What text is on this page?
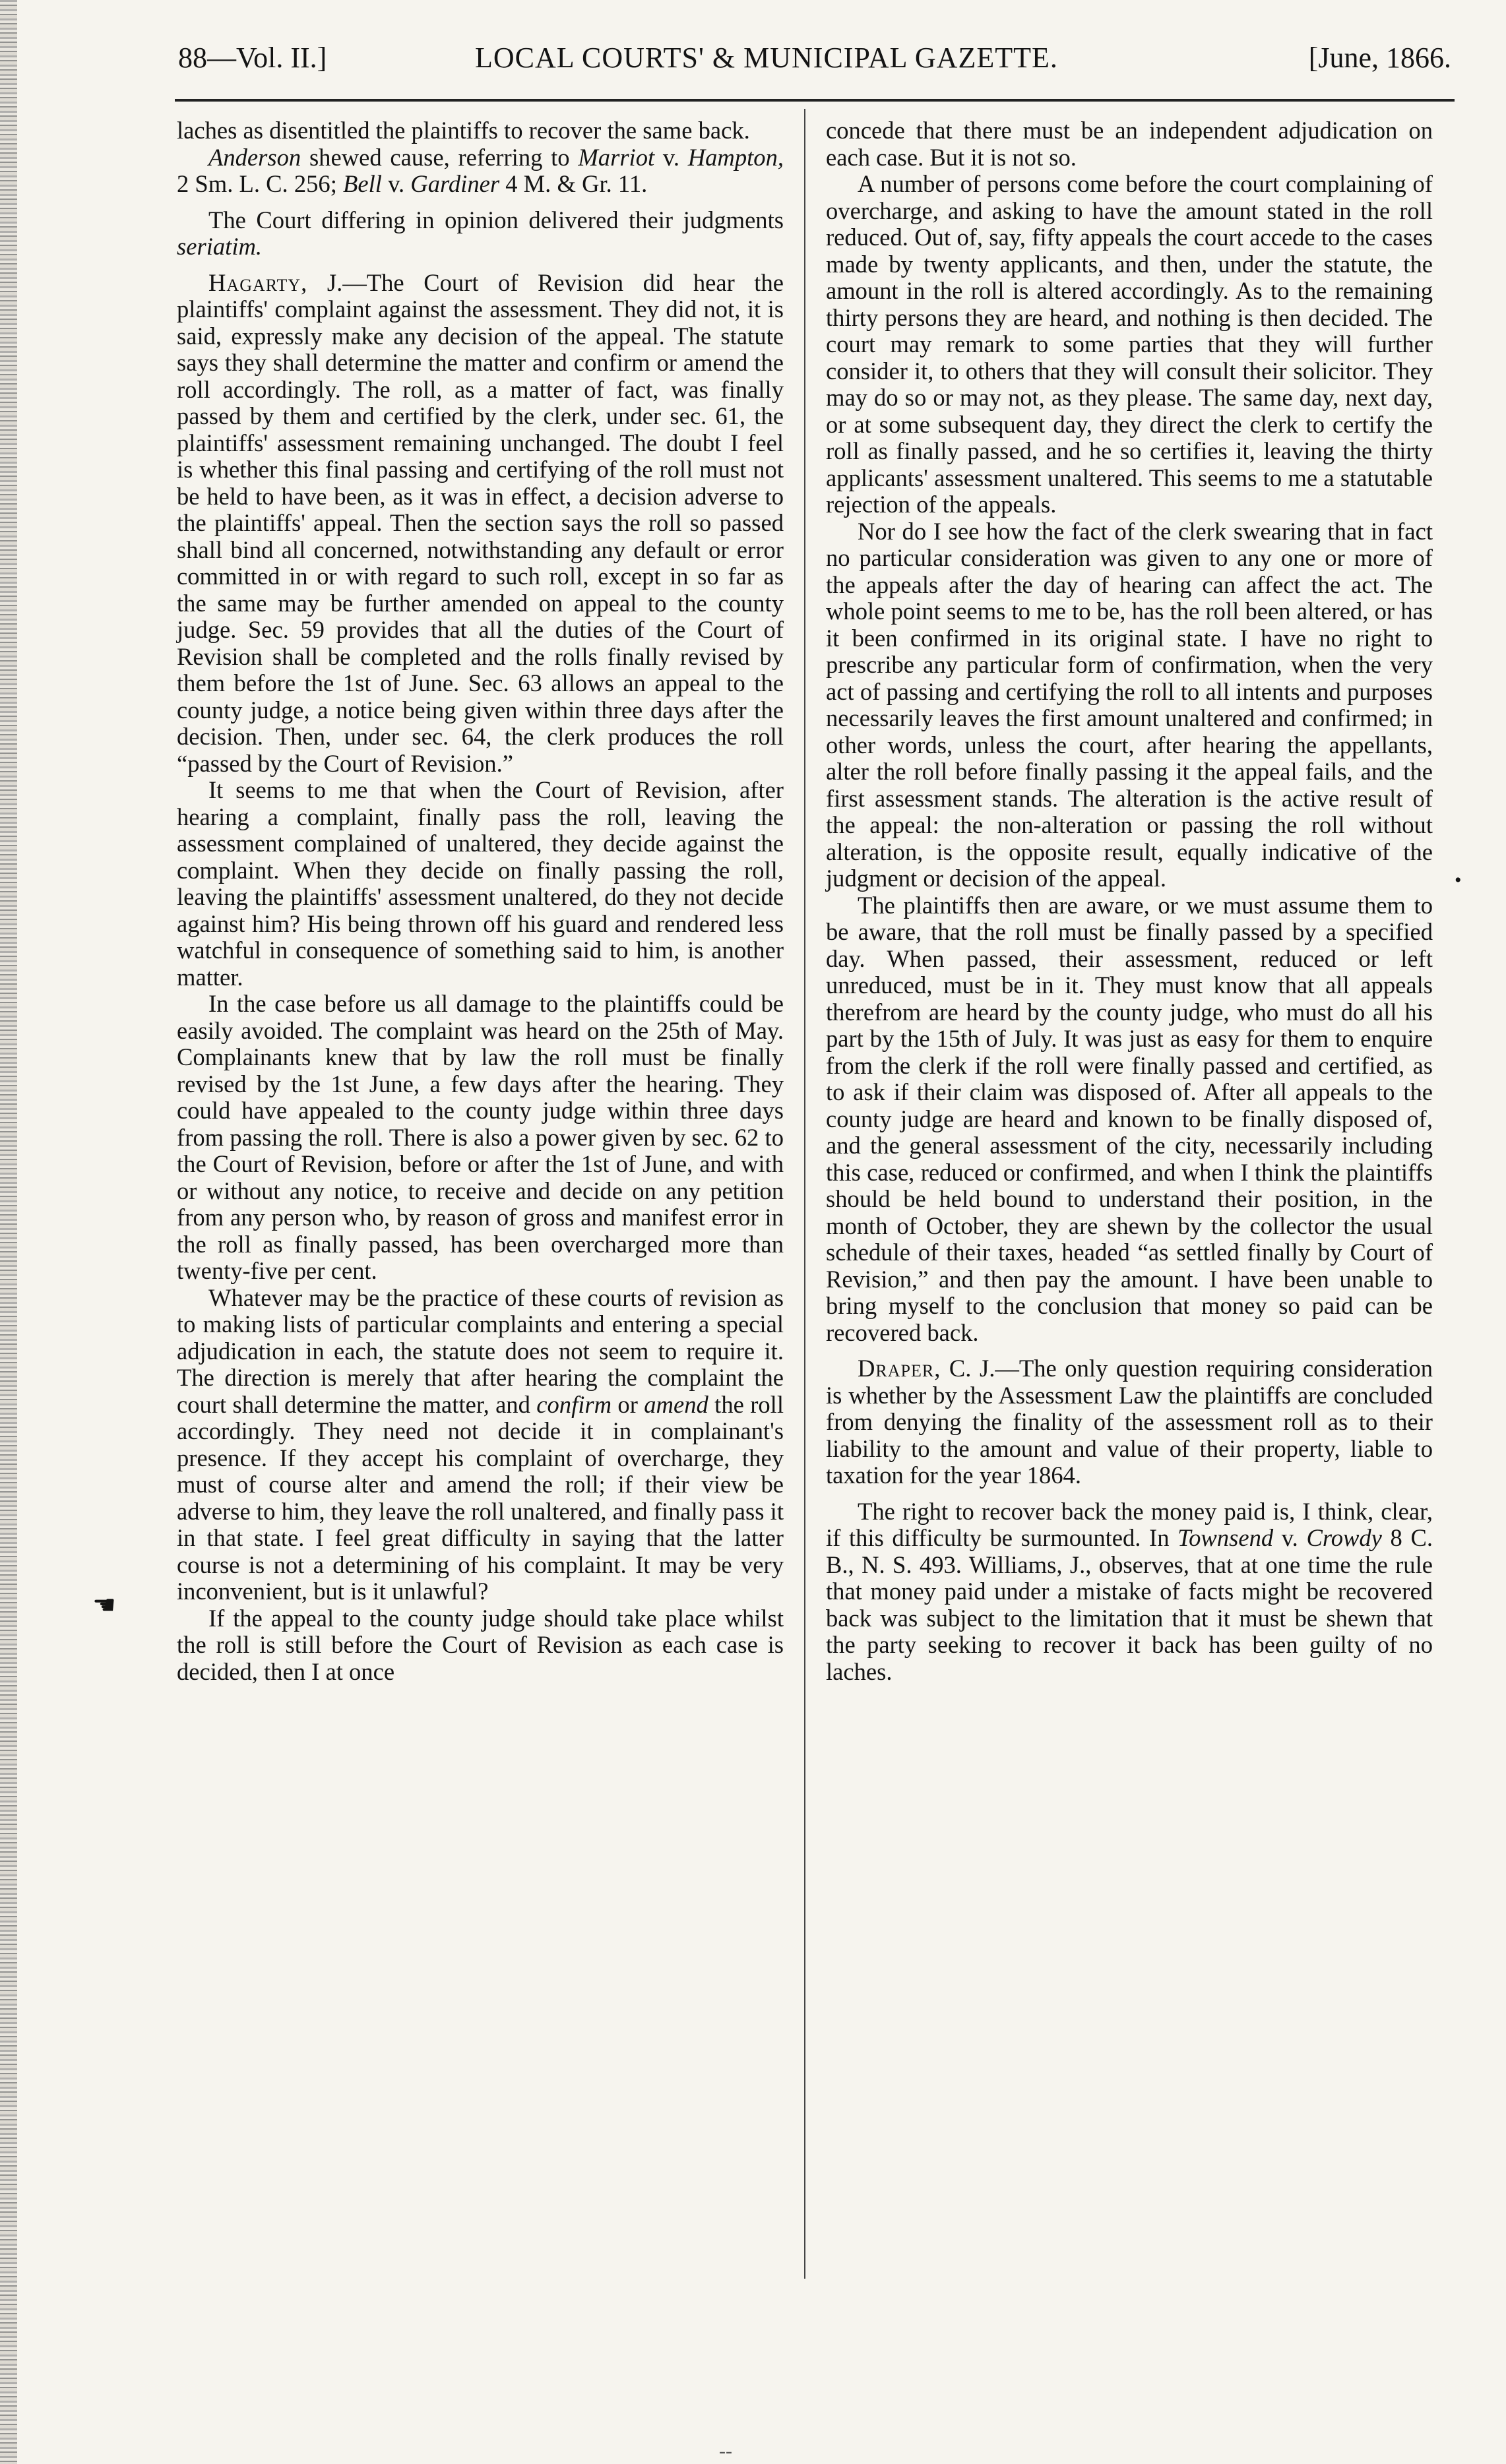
88—Vol. II.]	LOCAL COURTS' & MUNICIPAL GAZETTE.	[June, 1866.

laches as disentitled the plaintiffs to recover the same back.

Anderson shewed cause, referring to Marriot v. Hampton, 2 Sm. L. C. 256; Bell v. Gardiner 4 M. & Gr. 11.

The Court differing in opinion delivered their judgments seriatim.

Hagarty, J.—The Court of Revision did hear the plaintiffs' complaint against the assessment. They did not, it is said, expressly make any decision of the appeal. The statute says they shall determine the matter and confirm or amend the roll accordingly. The roll, as a matter of fact, was finally passed by them and certified by the clerk, under sec. 61, the plaintiffs' assessment remaining unchanged. The doubt I feel is whether this final passing and certifying of the roll must not be held to have been, as it was in effect, a decision adverse to the plaintiffs' appeal. Then the section says the roll so passed shall bind all concerned, notwithstanding any default or error committed in or with regard to such roll, except in so far as the same may be further amended on appeal to the county judge. Sec. 59 provides that all the duties of the Court of Revision shall be completed and the rolls finally revised by them before the 1st of June. Sec. 63 allows an appeal to the county judge, a notice being given within three days after the decision. Then, under sec. 64, the clerk produces the roll “passed by the Court of Revision.”

It seems to me that when the Court of Revision, after hearing a complaint, finally pass the roll, leaving the assessment complained of unaltered, they decide against the complaint. When they decide on finally passing the roll, leaving the plaintiffs' assessment unaltered, do they not decide against him? His being thrown off his guard and rendered less watchful in consequence of something said to him, is another matter.

In the case before us all damage to the plaintiffs could be easily avoided. The complaint was heard on the 25th of May. Complainants knew that by law the roll must be finally revised by the 1st June, a few days after the hearing. They could have appealed to the county judge within three days from passing the roll. There is also a power given by sec. 62 to the Court of Revision, before or after the 1st of June, and with or without any notice, to receive and decide on any petition from any person who, by reason of gross and manifest error in the roll as finally passed, has been overcharged more than twenty-five per cent.

Whatever may be the practice of these courts of revision as to making lists of particular complaints and entering a special adjudication in each, the statute does not seem to require it. The direction is merely that after hearing the complaint the court shall determine the matter, and confirm or amend the roll accordingly. They need not decide it in complainant's presence. If they accept his complaint of overcharge, they must of course alter and amend the roll; if their view be adverse to him, they leave the roll unaltered, and finally pass it in that state. I feel great difficulty in saying that the latter course is not a determining of his complaint. It may be very inconvenient, but is it unlawful?

If the appeal to the county judge should take place whilst the roll is still before the Court of Revision as each case is decided, then I at once

concede that there must be an independent adjudication on each case. But it is not so.

A number of persons come before the court complaining of overcharge, and asking to have the amount stated in the roll reduced. Out of, say, fifty appeals the court accede to the cases made by twenty applicants, and then, under the statute, the amount in the roll is altered accordingly. As to the remaining thirty persons they are heard, and nothing is then decided. The court may remark to some parties that they will further consider it, to others that they will consult their solicitor. They may do so or may not, as they please. The same day, next day, or at some subsequent day, they direct the clerk to certify the roll as finally passed, and he so certifies it, leaving the thirty applicants' assessment unaltered. This seems to me a statutable rejection of the appeals.

Nor do I see how the fact of the clerk swearing that in fact no particular consideration was given to any one or more of the appeals after the day of hearing can affect the act. The whole point seems to me to be, has the roll been altered, or has it been confirmed in its original state. I have no right to prescribe any particular form of confirmation, when the very act of passing and certifying the roll to all intents and purposes necessarily leaves the first amount unaltered and confirmed; in other words, unless the court, after hearing the appellants, alter the roll before finally passing it the appeal fails, and the first assessment stands. The alteration is the active result of the appeal: the non-alteration or passing the roll without alteration, is the opposite result, equally indicative of the judgment or decision of the appeal.

The plaintiffs then are aware, or we must assume them to be aware, that the roll must be finally passed by a specified day. When passed, their assessment, reduced or left unreduced, must be in it. They must know that all appeals therefrom are heard by the county judge, who must do all his part by the 15th of July. It was just as easy for them to enquire from the clerk if the roll were finally passed and certified, as to ask if their claim was disposed of. After all appeals to the county judge are heard and known to be finally disposed of, and the general assessment of the city, necessarily including this case, reduced or confirmed, and when I think the plaintiffs should be held bound to understand their position, in the month of October, they are shewn by the collector the usual schedule of their taxes, headed “as settled finally by Court of Revision,” and then pay the amount. I have been unable to bring myself to the conclusion that money so paid can be recovered back.

Draper, C. J.—The only question requiring consideration is whether by the Assessment Law the plaintiffs are concluded from denying the finality of the assessment roll as to their liability to the amount and value of their property, liable to taxation for the year 1864.

The right to recover back the money paid is, I think, clear, if this difficulty be surmounted. In Townsend v. Crowdy 8 C. B., N. S. 493. Williams, J., observes, that at one time the rule that money paid under a mistake of facts might be recovered back was subject to the limitation that it must be shewn that the party seeking to recover it back has been guilty of no laches.

☚
•
--
